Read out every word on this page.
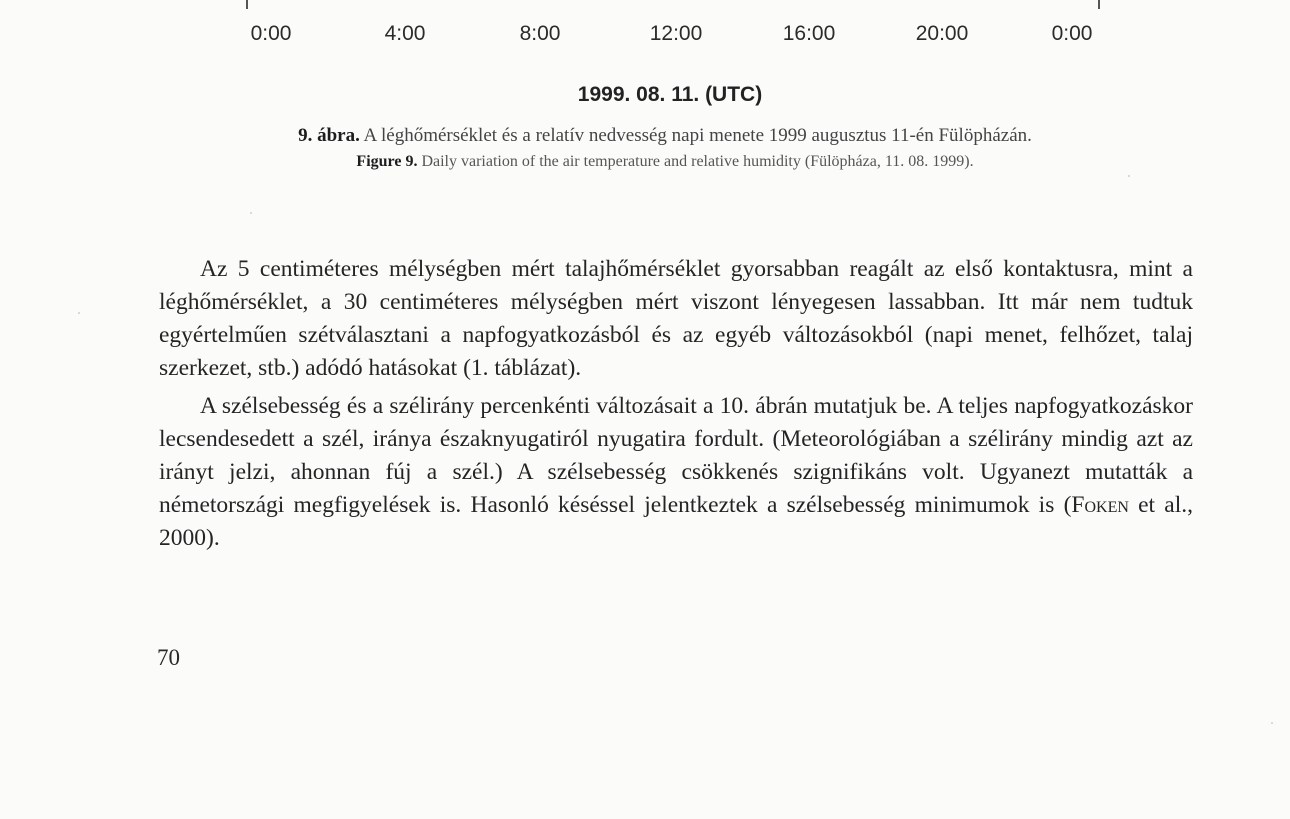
0:00	4:00	8:00	12:00	16:00	20:00	0:00
1999. 08. 11. (UTC)
9. ábra. A léghőmérséklet és a relatív nedvesség napi menete 1999 augusztus 11-én Fülöpházán.
Figure 9. Daily variation of the air temperature and relative humidity (Fülöpháza, 11. 08. 1999).

Az 5 centiméteres mélységben mért talajhőmérséklet gyorsabban reagált az első kontaktusra, mint a léghőmérséklet, a 30 centiméteres mélységben mért viszont lényegesen lassabban. Itt már nem tudtuk egyértelműen szétválasztani a napfogyatkozásból és az egyéb változásokból (napi menet, felhőzet, talaj szerkezet, stb.) adódó hatásokat (1. táblázat).

A szélsebesség és a szélirány percenkénti változásait a 10. ábrán mutatjuk be. A teljes napfogyatkozáskor lecsendesedett a szél, iránya északnyugatiról nyugatira fordult. (Meteorológiában a szélirány mindig azt az irányt jelzi, ahonnan fúj a szél.) A szélsebesség csökkenés szignifikáns volt. Ugyanezt mutatták a németországi megfigyelések is. Hasonló késéssel jelentkeztek a szélsebesség minimumok is (Foken et al., 2000).

70
